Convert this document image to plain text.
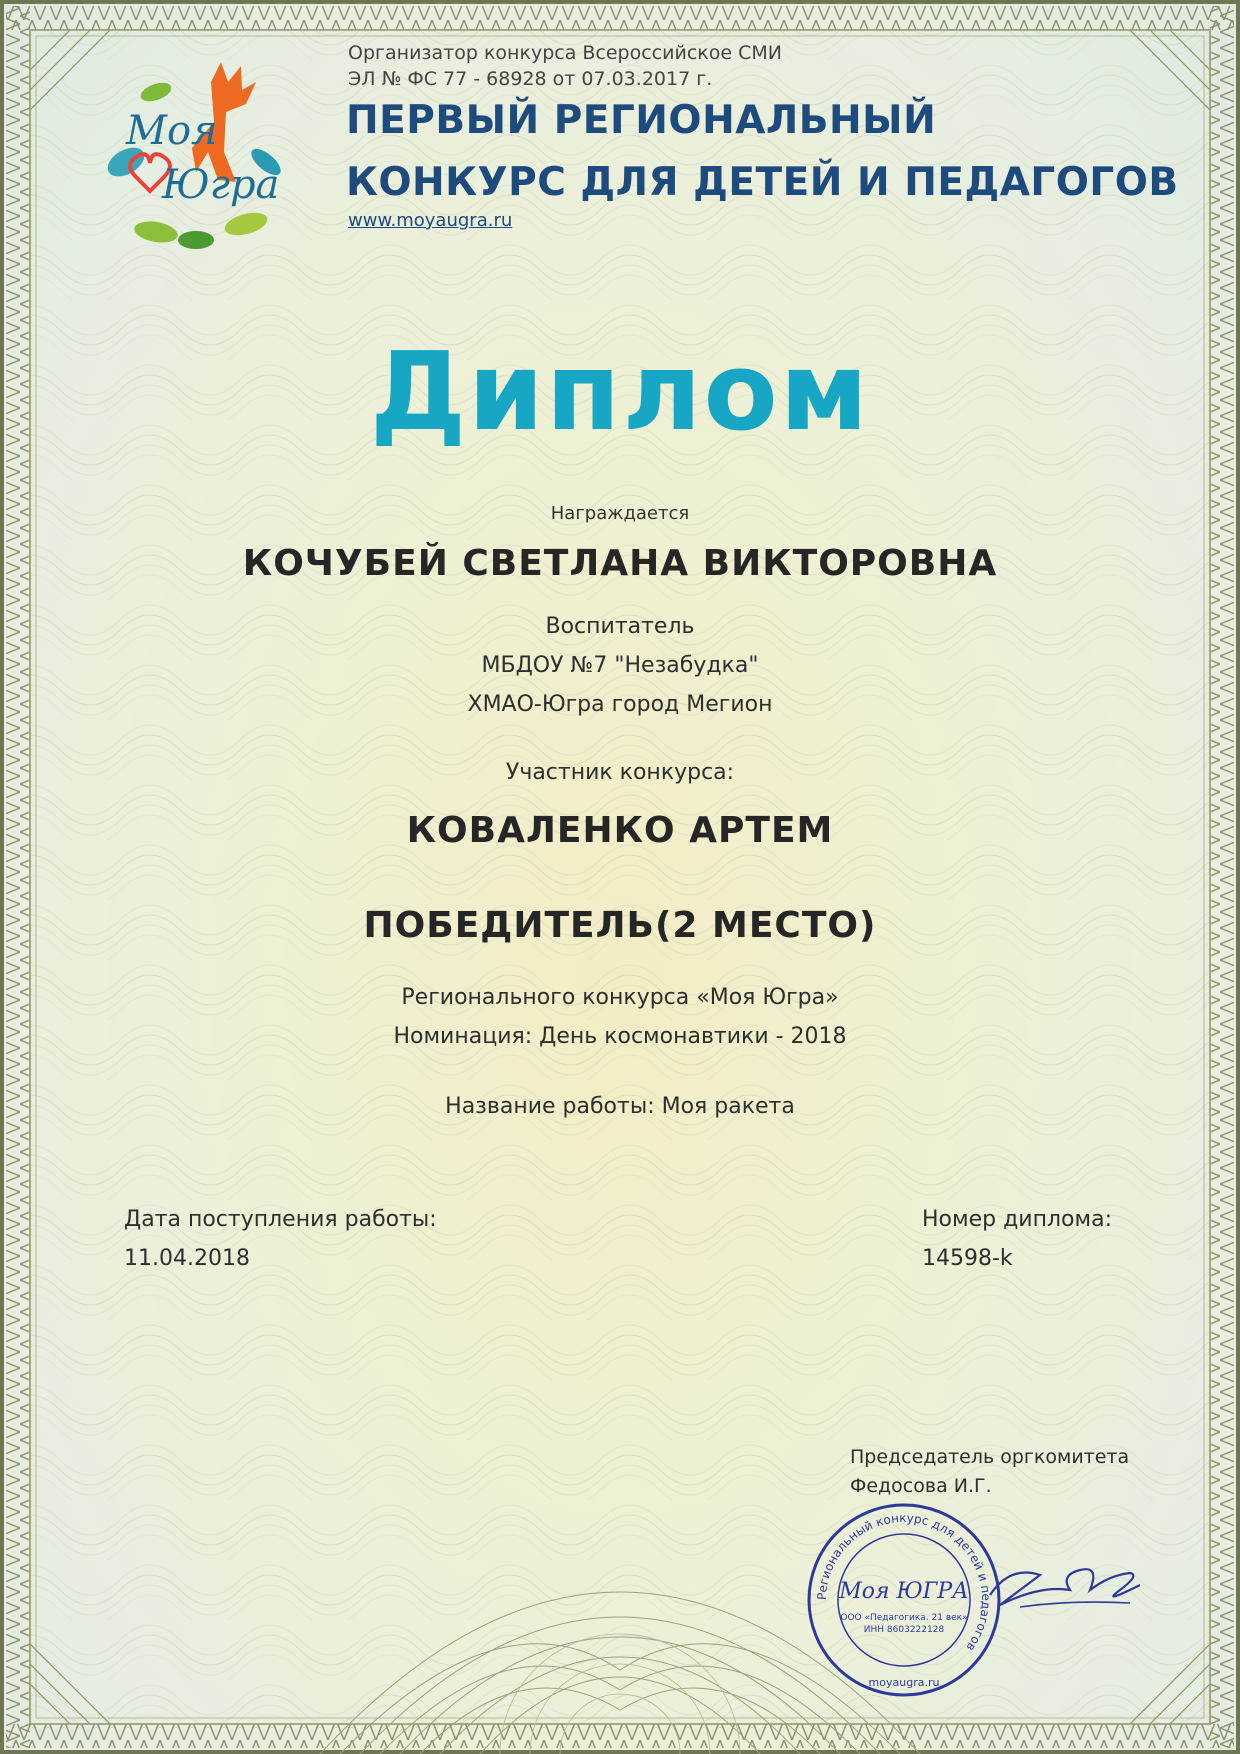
Моя
Югра

Организатор конкурса Всероссийское СМИ

ЭЛ № ФС 77 - 68928 от 07.03.2017 г.

ПЕРВЫЙ РЕГИОНАЛЬНЫЙ

КОНКУРС ДЛЯ ДЕТЕЙ И ПЕДАГОГОВ

www.moyaugra.ru

Диплом

Награждается

КОЧУБЕЙ СВЕТЛАНА ВИКТОРОВНА

Воспитатель

МБДОУ №7 "Незабудка"

ХМАО-Югра город Мегион

Участник конкурса:

КОВАЛЕНКО АРТЕМ

ПОБЕДИТЕЛЬ(2 МЕСТО)

Регионального конкурса «Моя Югра»

Номинация: День космонавтики - 2018

Название работы: Моя ракета

Дата поступления работы:

11.04.2018

Номер диплома:

14598-k

Председатель оргкомитета

Федосова И.Г.

Региональный конкурс для детей и педагогов
Моя ЮГРА
ООО «Педагогика. 21 век»
ИНН 8603222128
moyaugra.ru
